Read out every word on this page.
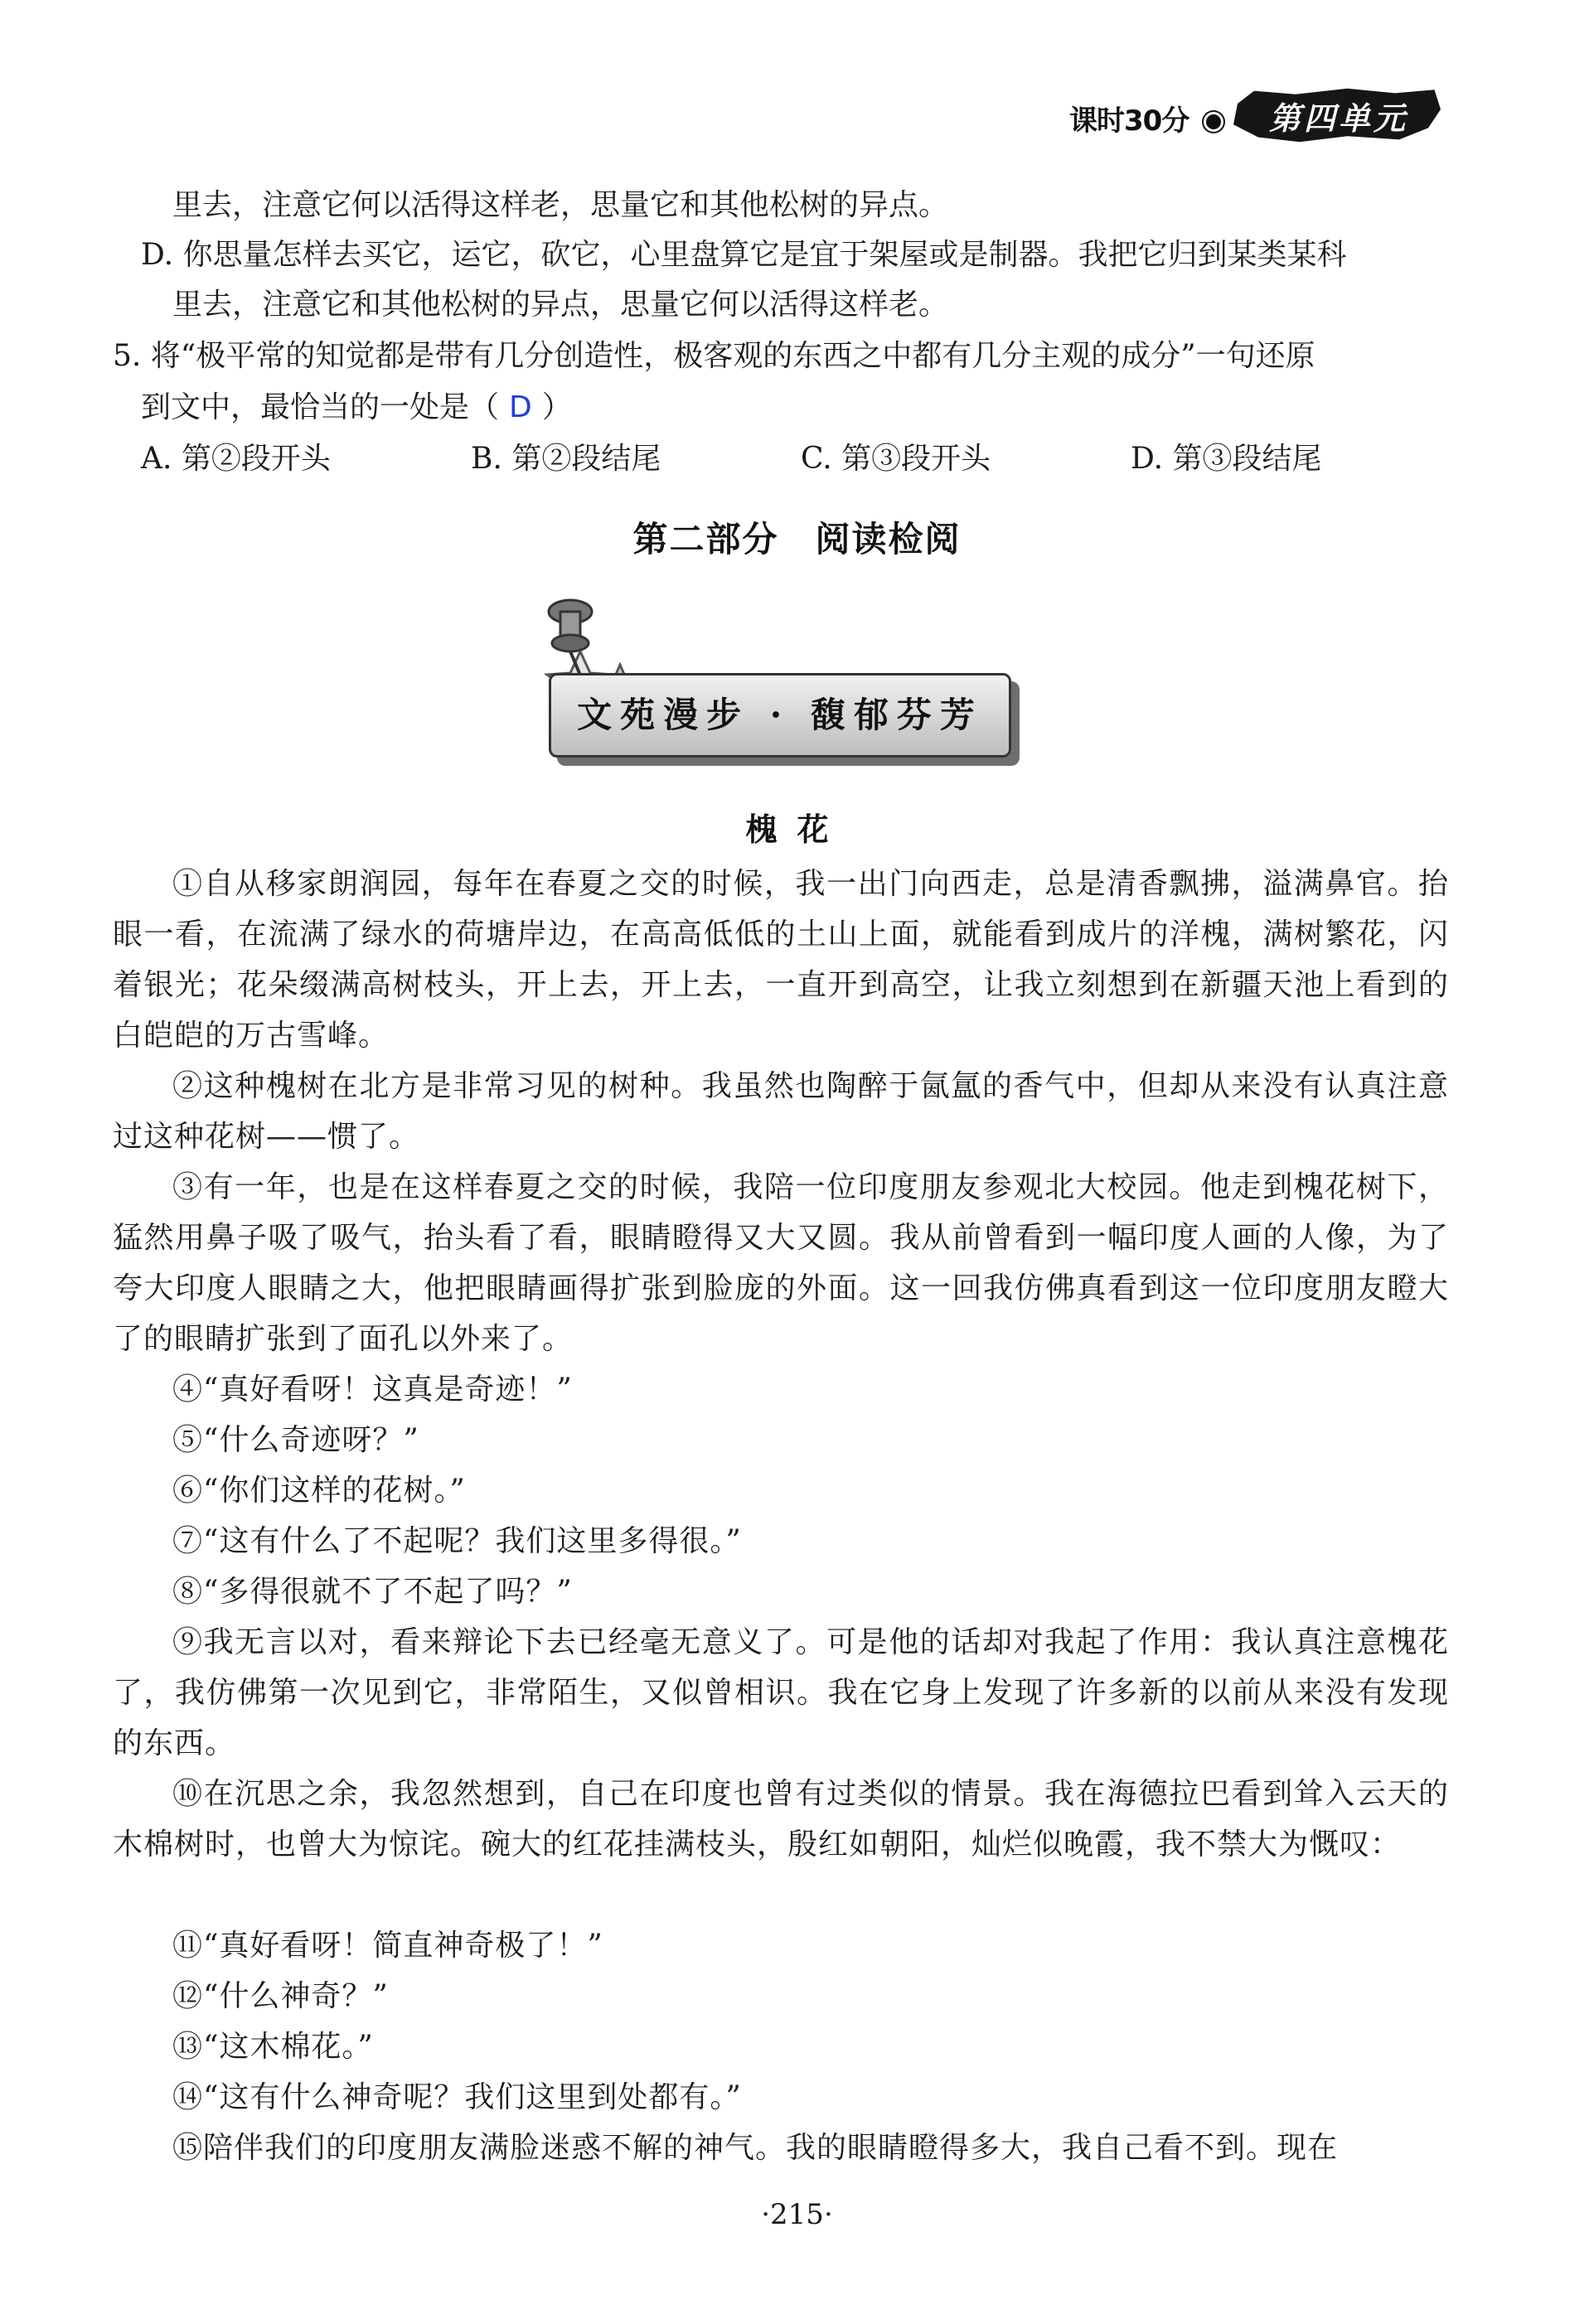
课时30分	第四单元
里去，注意它何以活得这样老，思量它和其他松树的异点。
D. 你思量怎样去买它，运它，砍它，心里盘算它是宜于架屋或是制器。我把它归到某类某科
里去，注意它和其他松树的异点，思量它何以活得这样老。
5. 将“极平常的知觉都是带有几分创造性，极客观的东西之中都有几分主观的成分”一句还原
到文中，最恰当的一处是（ D ）
A. 第②段开头	B. 第②段结尾	C. 第③段开头	D. 第③段结尾
第二部分　阅读检阅
文苑漫步 · 馥郁芬芳
槐花
①自从移家朗润园，每年在春夏之交的时候，我一出门向西走，总是清香飘拂，溢满鼻官。抬眼一看，在流满了绿水的荷塘岸边，在高高低低的土山上面，就能看到成片的洋槐，满树繁花，闪着银光；花朵缀满高树枝头，开上去，开上去，一直开到高空，让我立刻想到在新疆天池上看到的白皑皑的万古雪峰。
②这种槐树在北方是非常习见的树种。我虽然也陶醉于氤氲的香气中，但却从来没有认真注意过这种花树——惯了。
③有一年，也是在这样春夏之交的时候，我陪一位印度朋友参观北大校园。他走到槐花树下，猛然用鼻子吸了吸气，抬头看了看，眼睛瞪得又大又圆。我从前曾看到一幅印度人画的人像，为了夸大印度人眼睛之大，他把眼睛画得扩张到脸庞的外面。这一回我仿佛真看到这一位印度朋友瞪大了的眼睛扩张到了面孔以外来了。
④“真好看呀！这真是奇迹！”
⑤“什么奇迹呀？”
⑥“你们这样的花树。”
⑦“这有什么了不起呢？我们这里多得很。”
⑧“多得很就不了不起了吗？”
⑨我无言以对，看来辩论下去已经毫无意义了。可是他的话却对我起了作用：我认真注意槐花了，我仿佛第一次见到它，非常陌生，又似曾相识。我在它身上发现了许多新的以前从来没有发现的东西。
⑩在沉思之余，我忽然想到，自己在印度也曾有过类似的情景。我在海德拉巴看到耸入云天的木棉树时，也曾大为惊诧。碗大的红花挂满枝头，殷红如朝阳，灿烂似晚霞，我不禁大为慨叹：
⑪“真好看呀！简直神奇极了！”
⑫“什么神奇？”
⑬“这木棉花。”
⑭“这有什么神奇呢？我们这里到处都有。”
⑮陪伴我们的印度朋友满脸迷惑不解的神气。我的眼睛瞪得多大，我自己看不到。现在
·215·
